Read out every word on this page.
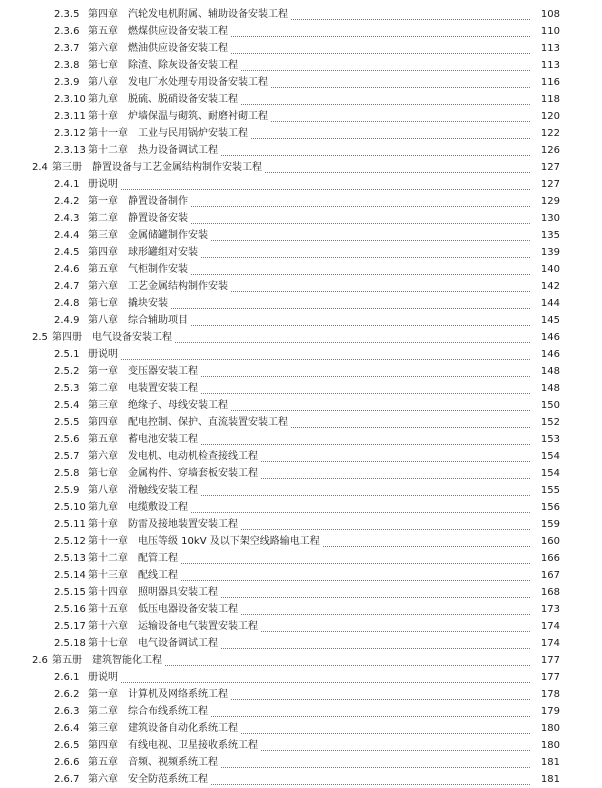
2.3.5 第四章　汽轮发电机附属、辅助设备安装工程	108
2.3.6 第五章　燃煤供应设备安装工程	110
2.3.7 第六章　燃油供应设备安装工程	113
2.3.8 第七章　除渣、除灰设备安装工程	113
2.3.9 第八章　发电厂水处理专用设备安装工程	116
2.3.10 第九章　脱硫、脱硝设备安装工程	118
2.3.11 第十章　炉墙保温与砌筑、耐磨衬砌工程	120
2.3.12 第十一章　工业与民用锅炉安装工程	122
2.3.13 第十二章　热力设备调试工程	126
2.4 第三册　静置设备与工艺金属结构制作安装工程	127
2.4.1 册说明	127
2.4.2 第一章　静置设备制作	129
2.4.3 第二章　静置设备安装	130
2.4.4 第三章　金属储罐制作安装	135
2.4.5 第四章　球形罐组对安装	139
2.4.6 第五章　气柜制作安装	140
2.4.7 第六章　工艺金属结构制作安装	142
2.4.8 第七章　撬块安装	144
2.4.9 第八章　综合辅助项目	145
2.5 第四册　电气设备安装工程	146
2.5.1 册说明	146
2.5.2 第一章　变压器安装工程	148
2.5.3 第二章　电装置安装工程	148
2.5.4 第三章　绝缘子、母线安装工程	150
2.5.5 第四章　配电控制、保护、直流装置安装工程	152
2.5.6 第五章　蓄电池安装工程	153
2.5.7 第六章　发电机、电动机检查接线工程	154
2.5.8 第七章　金属构件、穿墙套板安装工程	154
2.5.9 第八章　滑触线安装工程	155
2.5.10 第九章　电缆敷设工程	156
2.5.11 第十章　防雷及接地装置安装工程	159
2.5.12 第十一章　电压等级 10kV 及以下架空线路输电工程	160
2.5.13 第十二章　配管工程	166
2.5.14 第十三章　配线工程	167
2.5.15 第十四章　照明器具安装工程	168
2.5.16 第十五章　低压电器设备安装工程	173
2.5.17 第十六章　运输设备电气装置安装工程	174
2.5.18 第十七章　电气设备调试工程	174
2.6 第五册　建筑智能化工程	177
2.6.1 册说明	177
2.6.2 第一章　计算机及网络系统工程	178
2.6.3 第二章　综合布线系统工程	179
2.6.4 第三章　建筑设备自动化系统工程	180
2.6.5 第四章　有线电视、卫星接收系统工程	180
2.6.6 第五章　音频、视频系统工程	181
2.6.7 第六章　安全防范系统工程	181
